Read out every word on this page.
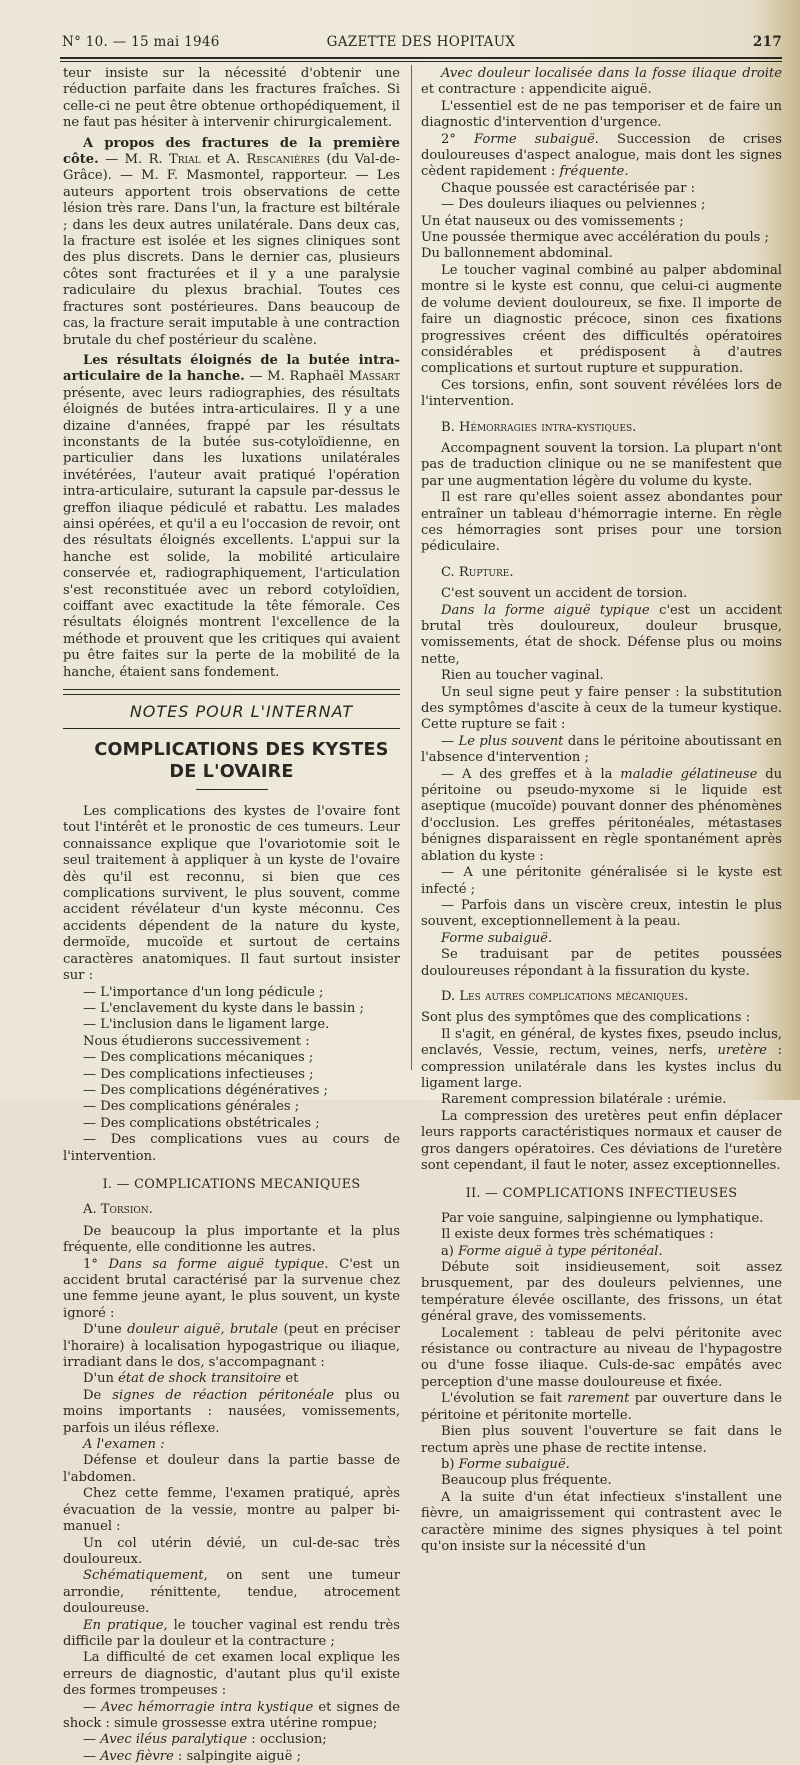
N° 10. — 15 mai 1946	GAZETTE DES HOPITAUX	217

teur insiste sur la nécessité d'obtenir une réduction parfaite dans les fractures fraîches. Si celle-ci ne peut être obtenue orthopédiquement, il ne faut pas hésiter à intervenir chirurgicalement.

A propos des fractures de la première côte. — M. R. Trial et A. Rescanières (du Val-de-Grâce). — M. F. Masmontel, rapporteur. — Les auteurs apportent trois observations de cette lésion très rare. Dans l'un, la fracture est biltérale ; dans les deux autres unilatérale. Dans deux cas, la fracture est isolée et les signes cliniques sont des plus discrets. Dans le dernier cas, plusieurs côtes sont fracturées et il y a une paralysie radiculaire du plexus brachial. Toutes ces fractures sont postérieures. Dans beaucoup de cas, la fracture serait imputable à une contraction brutale du chef postérieur du scalène.

Les résultats éloignés de la butée intra-articulaire de la hanche. — M. Raphaël Massart présente, avec leurs radiographies, des résultats éloignés de butées intra-articulaires. Il y a une dizaine d'années, frappé par les résultats inconstants de la butée sus-cotyloïdienne, en particulier dans les luxations unilatérales invétérées, l'auteur avait pratiqué l'opération intra-articulaire, suturant la capsule par-dessus le greffon iliaque pédiculé et rabattu. Les malades ainsi opérées, et qu'il a eu l'occasion de revoir, ont des résultats éloignés excellents. L'appui sur la hanche est solide, la mobilité articulaire conservée et, radiographiquement, l'articulation s'est reconstituée avec un rebord cotyloïdien, coiffant avec exactitude la tête fémorale. Ces résultats éloignés montrent l'excellence de la méthode et prouvent que les critiques qui avaient pu être faites sur la perte de la mobilité de la hanche, étaient sans fondement.

NOTES POUR L'INTERNAT

COMPLICATIONS DES KYSTES DE L'OVAIRE

Les complications des kystes de l'ovaire font tout l'intérêt et le pronostic de ces tumeurs. Leur connaissance explique que l'ovariotomie soit le seul traitement à appliquer à un kyste de l'ovaire dès qu'il est reconnu, si bien que ces complications survivent, le plus souvent, comme accident révélateur d'un kyste méconnu. Ces accidents dépendent de la nature du kyste, dermoïde, mucoïde et surtout de certains caractères anatomiques. Il faut surtout insister sur :

— L'importance d'un long pédicule ;

— L'enclavement du kyste dans le bassin ;

— L'inclusion dans le ligament large.

Nous étudierons successivement :

— Des complications mécaniques ;

— Des complications infectieuses ;

— Des complications dégénératives ;

— Des complications générales ;

— Des complications obstétricales ;

— Des complications vues au cours de l'intervention.

I. — COMPLICATIONS MECANIQUES

A. Torsion.

De beaucoup la plus importante et la plus fréquente, elle conditionne les autres.

1° Dans sa forme aiguë typique. C'est un accident brutal caractérisé par la survenue chez une femme jeune ayant, le plus souvent, un kyste ignoré :

D'une douleur aiguë, brutale (peut en préciser l'horaire) à localisation hypogastrique ou iliaque, irradiant dans le dos, s'accompagnant :

D'un état de shock transitoire et

De signes de réaction péritonéale plus ou moins importants : nausées, vomissements, parfois un iléus réflexe.

A l'examen :

Défense et douleur dans la partie basse de l'abdomen.

Chez cette femme, l'examen pratiqué, après évacuation de la vessie, montre au palper bi-manuel :

Un col utérin dévié, un cul-de-sac très douloureux.

Schématiquement, on sent une tumeur arrondie, rénittente, tendue, atrocement douloureuse.

En pratique, le toucher vaginal est rendu très difficile par la douleur et la contracture ;

La difficulté de cet examen local explique les erreurs de diagnostic, d'autant plus qu'il existe des formes trompeuses :

— Avec hémorragie intra kystique et signes de shock : simule grossesse extra utérine rompue;

— Avec iléus paralytique : occlusion;

— Avec fièvre : salpingite aiguë ;

Avec douleur localisée dans la fosse iliaque droite et contracture : appendicite aiguë.

L'essentiel est de ne pas temporiser et de faire un diagnostic d'intervention d'urgence.

2° Forme subaiguë. Succession de crises douloureuses d'aspect analogue, mais dont les signes cèdent rapidement : fréquente.

Chaque poussée est caractérisée par :

— Des douleurs iliaques ou pelviennes ;

Un état nauseux ou des vomissements ;

Une poussée thermique avec accélération du pouls ;

Du ballonnement abdominal.

Le toucher vaginal combiné au palper abdominal montre si le kyste est connu, que celui-ci augmente de volume devient douloureux, se fixe. Il importe de faire un diagnostic précoce, sinon ces fixations progressives créent des difficultés opératoires considérables et prédisposent à d'autres complications et surtout rupture et suppuration.

Ces torsions, enfin, sont souvent révélées lors de l'intervention.

B. Hémorragies intra-kystiques.

Accompagnent souvent la torsion. La plupart n'ont pas de traduction clinique ou ne se manifestent que par une augmentation légère du volume du kyste.

Il est rare qu'elles soient assez abondantes pour entraîner un tableau d'hémorragie interne. En règle ces hémorragies sont prises pour une torsion pédiculaire.

C. Rupture.

C'est souvent un accident de torsion.

Dans la forme aiguë typique c'est un accident brutal très douloureux, douleur brusque, vomissements, état de shock. Défense plus ou moins nette,

Rien au toucher vaginal.

Un seul signe peut y faire penser : la substitution des symptômes d'ascite à ceux de la tumeur kystique. Cette rupture se fait :

— Le plus souvent dans le péritoine aboutissant en l'absence d'intervention ;

— A des greffes et à la maladie gélatineuse du péritoine ou pseudo-myxome si le liquide est aseptique (mucoïde) pouvant donner des phénomènes d'occlusion. Les greffes péritonéales, métastases bénignes disparaissent en règle spontanément après ablation du kyste :

— A une péritonite généralisée si le kyste est infecté ;

— Parfois dans un viscère creux, intestin le plus souvent, exceptionnellement à la peau.

Forme subaiguë.

Se traduisant par de petites poussées douloureuses répondant à la fissuration du kyste.

D. Les autres complications mécaniques.

Sont plus des symptômes que des complications :

Il s'agit, en général, de kystes fixes, pseudo inclus, enclavés, Vessie, rectum, veines, nerfs, uretère : compression unilatérale dans les kystes inclus du ligament large.

Rarement compression bilatérale : urémie.

La compression des uretères peut enfin déplacer leurs rapports caractéristiques normaux et causer de gros dangers opératoires. Ces déviations de l'uretère sont cependant, il faut le noter, assez exceptionnelles.

II. — COMPLICATIONS INFECTIEUSES

Par voie sanguine, salpingienne ou lymphatique.

Il existe deux formes très schématiques :

a) Forme aiguë à type péritonéal.

Débute soit insidieusement, soit assez brusquement, par des douleurs pelviennes, une température élevée oscillante, des frissons, un état général grave, des vomissements.

Localement : tableau de pelvi péritonite avec résistance ou contracture au niveau de l'hypagostre ou d'une fosse iliaque. Culs-de-sac empâtés avec perception d'une masse douloureuse et fixée.

L'évolution se fait rarement par ouverture dans le péritoine et péritonite mortelle.

Bien plus souvent l'ouverture se fait dans le rectum après une phase de rectite intense.

b) Forme subaiguë.

Beaucoup plus fréquente.

A la suite d'un état infectieux s'installent une fièvre, un amaigrissement qui contrastent avec le caractère minime des signes physiques à tel point qu'on insiste sur la nécessité d'un
